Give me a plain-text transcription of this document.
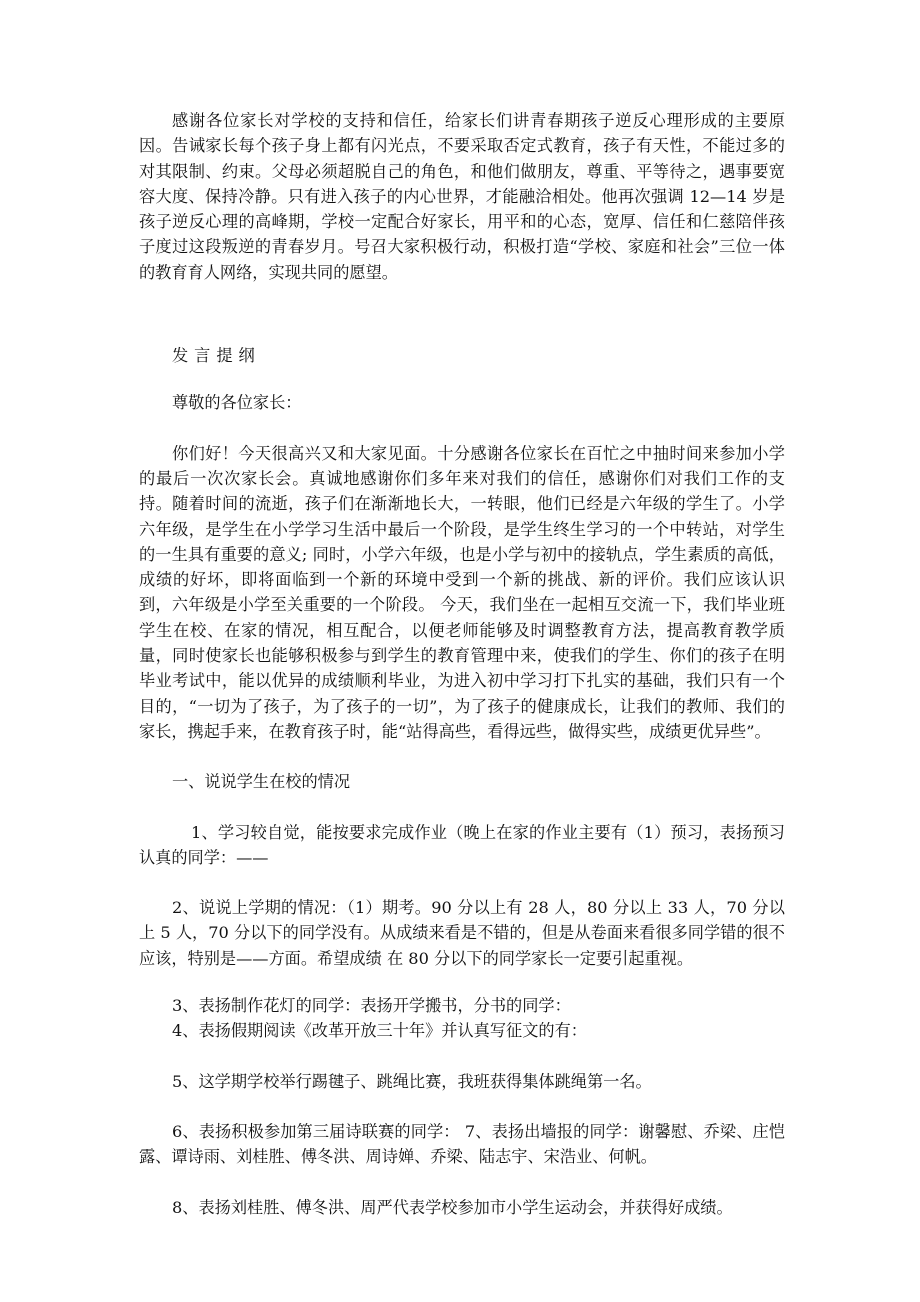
感谢各位家长对学校的支持和信任，给家长们讲青春期孩子逆反心理形成的主要原因。告诫家长每个孩子身上都有闪光点，不要采取否定式教育，孩子有天性，不能过多的对其限制、约束。父母必须超脱自己的角色，和他们做朋友，尊重、平等待之，遇事要宽容大度、保持冷静。只有进入孩子的内心世界，才能融洽相处。他再次强调 12—14 岁是孩子逆反心理的高峰期，学校一定配合好家长，用平和的心态，宽厚、信任和仁慈陪伴孩子度过这段叛逆的青春岁月。号召大家积极行动，积极打造“学校、家庭和社会”三位一体的教育育人网络，实现共同的愿望。

发言提纲

尊敬的各位家长：

你们好！今天很高兴又和大家见面。十分感谢各位家长在百忙之中抽时间来参加小学的最后一次次家长会。真诚地感谢你们多年来对我们的信任，感谢你们对我们工作的支持。随着时间的流逝，孩子们在渐渐地长大，一转眼，他们已经是六年级的学生了。小学六年级，是学生在小学学习生活中最后一个阶段，是学生终生学习的一个中转站，对学生的一生具有重要的意义; 同时，小学六年级，也是小学与初中的接轨点，学生素质的高低，成绩的好坏，即将面临到一个新的环境中受到一个新的挑战、新的评价。我们应该认识到，六年级是小学至关重要的一个阶段。 今天，我们坐在一起相互交流一下，我们毕业班学生在校、在家的情况，相互配合，以便老师能够及时调整教育方法，提高教育教学质量，同时使家长也能够积极参与到学生的教育管理中来，使我们的学生、你们的孩子在明毕业考试中，能以优异的成绩顺利毕业，为进入初中学习打下扎实的基础，我们只有一个目的，“一切为了孩子，为了孩子的一切”，为了孩子的健康成长，让我们的教师、我们的家长，携起手来，在教育孩子时，能“站得高些，看得远些，做得实些，成绩更优异些”。

一、说说学生在校的情况

1、学习较自觉，能按要求完成作业（晚上在家的作业主要有（1）预习，表扬预习认真的同学：——

2、说说上学期的情况：（1）期考。90 分以上有 28 人，80 分以上 33 人，70 分以上 5 人，70 分以下的同学没有。从成绩来看是不错的，但是从卷面来看很多同学错的很不应该，特别是——方面。希望成绩 在 80 分以下的同学家长一定要引起重视。

3、表扬制作花灯的同学：表扬开学搬书，分书的同学：

4、表扬假期阅读《改革开放三十年》并认真写征文的有：

5、这学期学校举行踢毽子、跳绳比赛，我班获得集体跳绳第一名。

6、表扬积极参加第三届诗联赛的同学： 7、表扬出墙报的同学：谢馨慰、乔梁、庄恺露、谭诗雨、刘桂胜、傅冬洪、周诗婵、乔梁、陆志宇、宋浩业、何帆。

8、表扬刘桂胜、傅冬洪、周严代表学校参加市小学生运动会，并获得好成绩。
